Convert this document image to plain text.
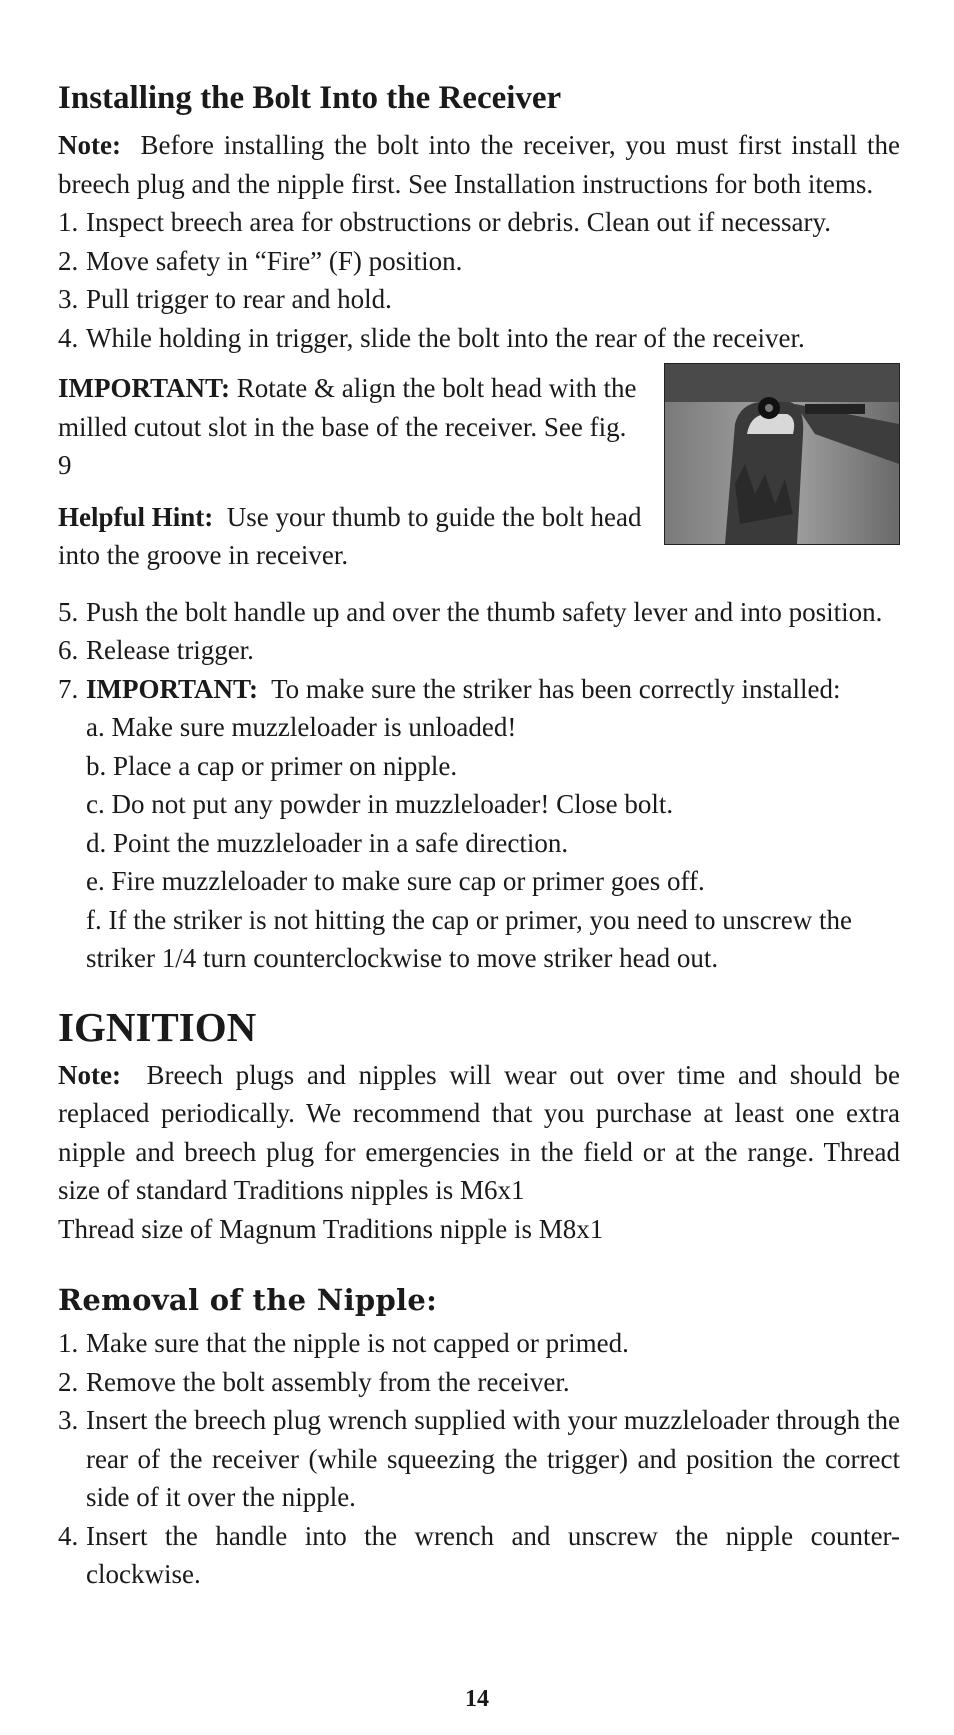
Installing the Bolt Into the Receiver

Note: Before installing the bolt into the receiver, you must first install the breech plug and the nipple first. See Installation instructions for both items.

1. Inspect breech area for obstructions or debris. Clean out if necessary.
2. Move safety in “Fire” (F) position.
3. Pull trigger to rear and hold.
4. While holding in trigger, slide the bolt into the rear of the receiver.

IMPORTANT: Rotate & align the bolt head with the milled cutout slot in the base of the receiver. See fig. 9

Helpful Hint: Use your thumb to guide the bolt head into the groove in receiver.

5. Push the bolt handle up and over the thumb safety lever and into position.
6. Release trigger.
7. IMPORTANT: To make sure the striker has been correctly installed:
a. Make sure muzzleloader is unloaded!
b. Place a cap or primer on nipple.
c. Do not put any powder in muzzleloader! Close bolt.
d. Point the muzzleloader in a safe direction.
e. Fire muzzleloader to make sure cap or primer goes off.
f. If the striker is not hitting the cap or primer, you need to unscrew the striker 1/4 turn counterclockwise to move striker head out.
IGNITION

Note: Breech plugs and nipples will wear out over time and should be replaced periodically. We recommend that you purchase at least one extra nipple and breech plug for emergencies in the field or at the range. Thread size of standard Traditions nipples is M6x1

Thread size of Magnum Traditions nipple is M8x1

Removal of the Nipple:
1. Make sure that the nipple is not capped or primed.
2. Remove the bolt assembly from the receiver.
3. Insert the breech plug wrench supplied with your muzzleloader through the rear of the receiver (while squeezing the trigger) and position the correct side of it over the nipple.
4. Insert the handle into the wrench and unscrew the nipple counter-clockwise.
14
